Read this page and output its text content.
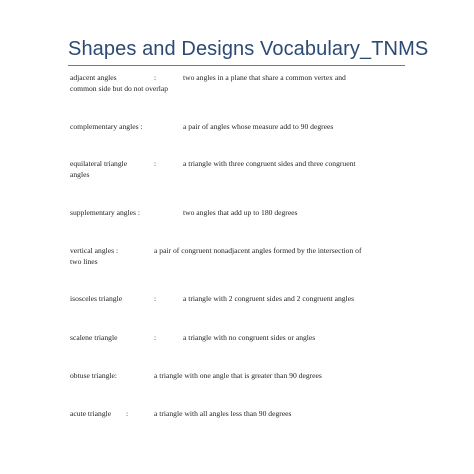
Shapes and Designs Vocabulary_TNMS
adjacent angles	:	two angles in a plane that share a common vertex and
common side but do not overlap
complementary angles :	a pair of angles whose measure add to 90 degrees
equilateral triangle	:	a triangle with three congruent sides and three congruent
angles
supplementary angles :	two angles that add up to 180 degrees
vertical angles :	a pair of congruent nonadjacent angles formed by the intersection of
two lines
isosceles triangle	:	a triangle with 2 congruent sides and 2 congruent angles
scalene triangle	:	a triangle with no congruent sides or angles
obtuse triangle:	a triangle with one angle that is greater than 90 degrees
acute triangle :	a triangle with all angles less than 90 degrees
